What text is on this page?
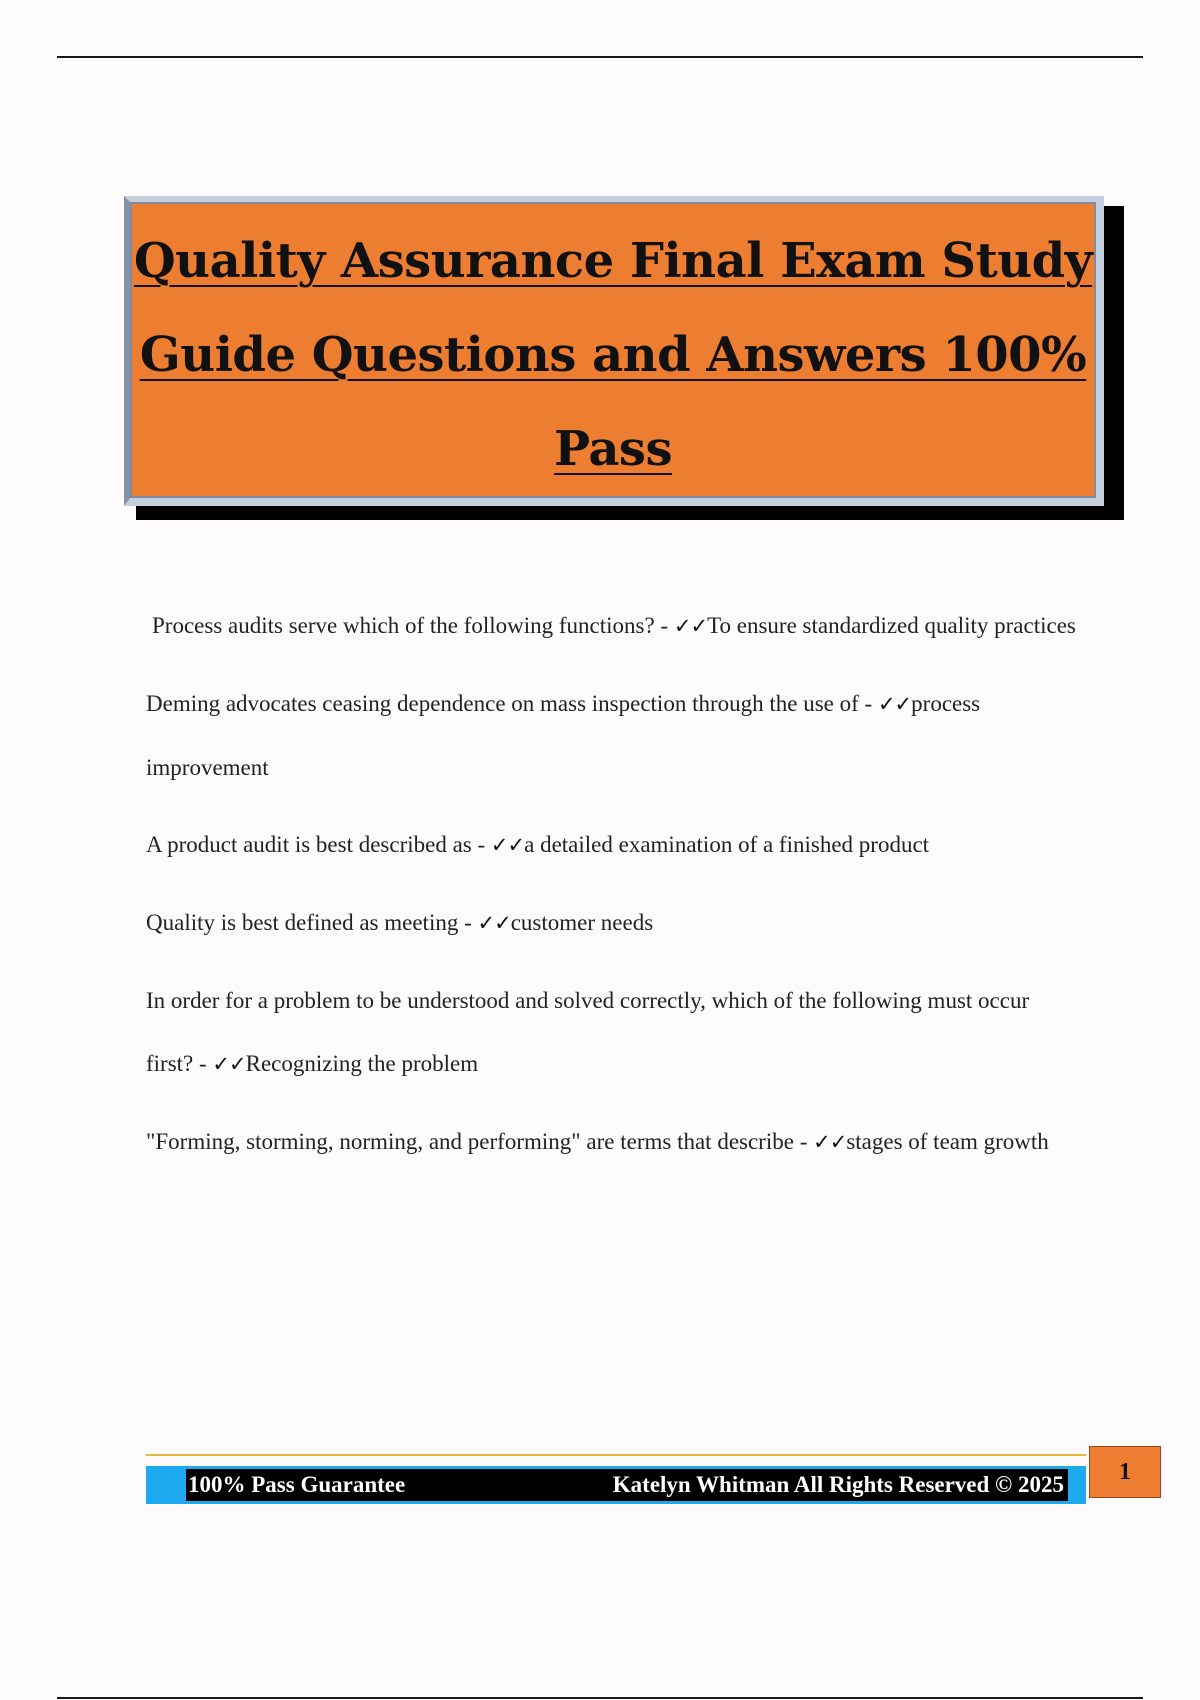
Quality Assurance Final Exam Study

Guide Questions and Answers 100%

Pass

Process audits serve which of the following functions? - ✓✓To ensure standardized quality practices

Deming advocates ceasing dependence on mass inspection through the use of - ✓✓process improvement

A product audit is best described as - ✓✓a detailed examination of a finished product

Quality is best defined as meeting - ✓✓customer needs

In order for a problem to be understood and solved correctly, which of the following must occur first? - ✓✓Recognizing the problem

"Forming, storming, norming, and performing" are terms that describe - ✓✓stages of team growth

100% Pass Guarantee	Katelyn Whitman All Rights Reserved © 2025	1
